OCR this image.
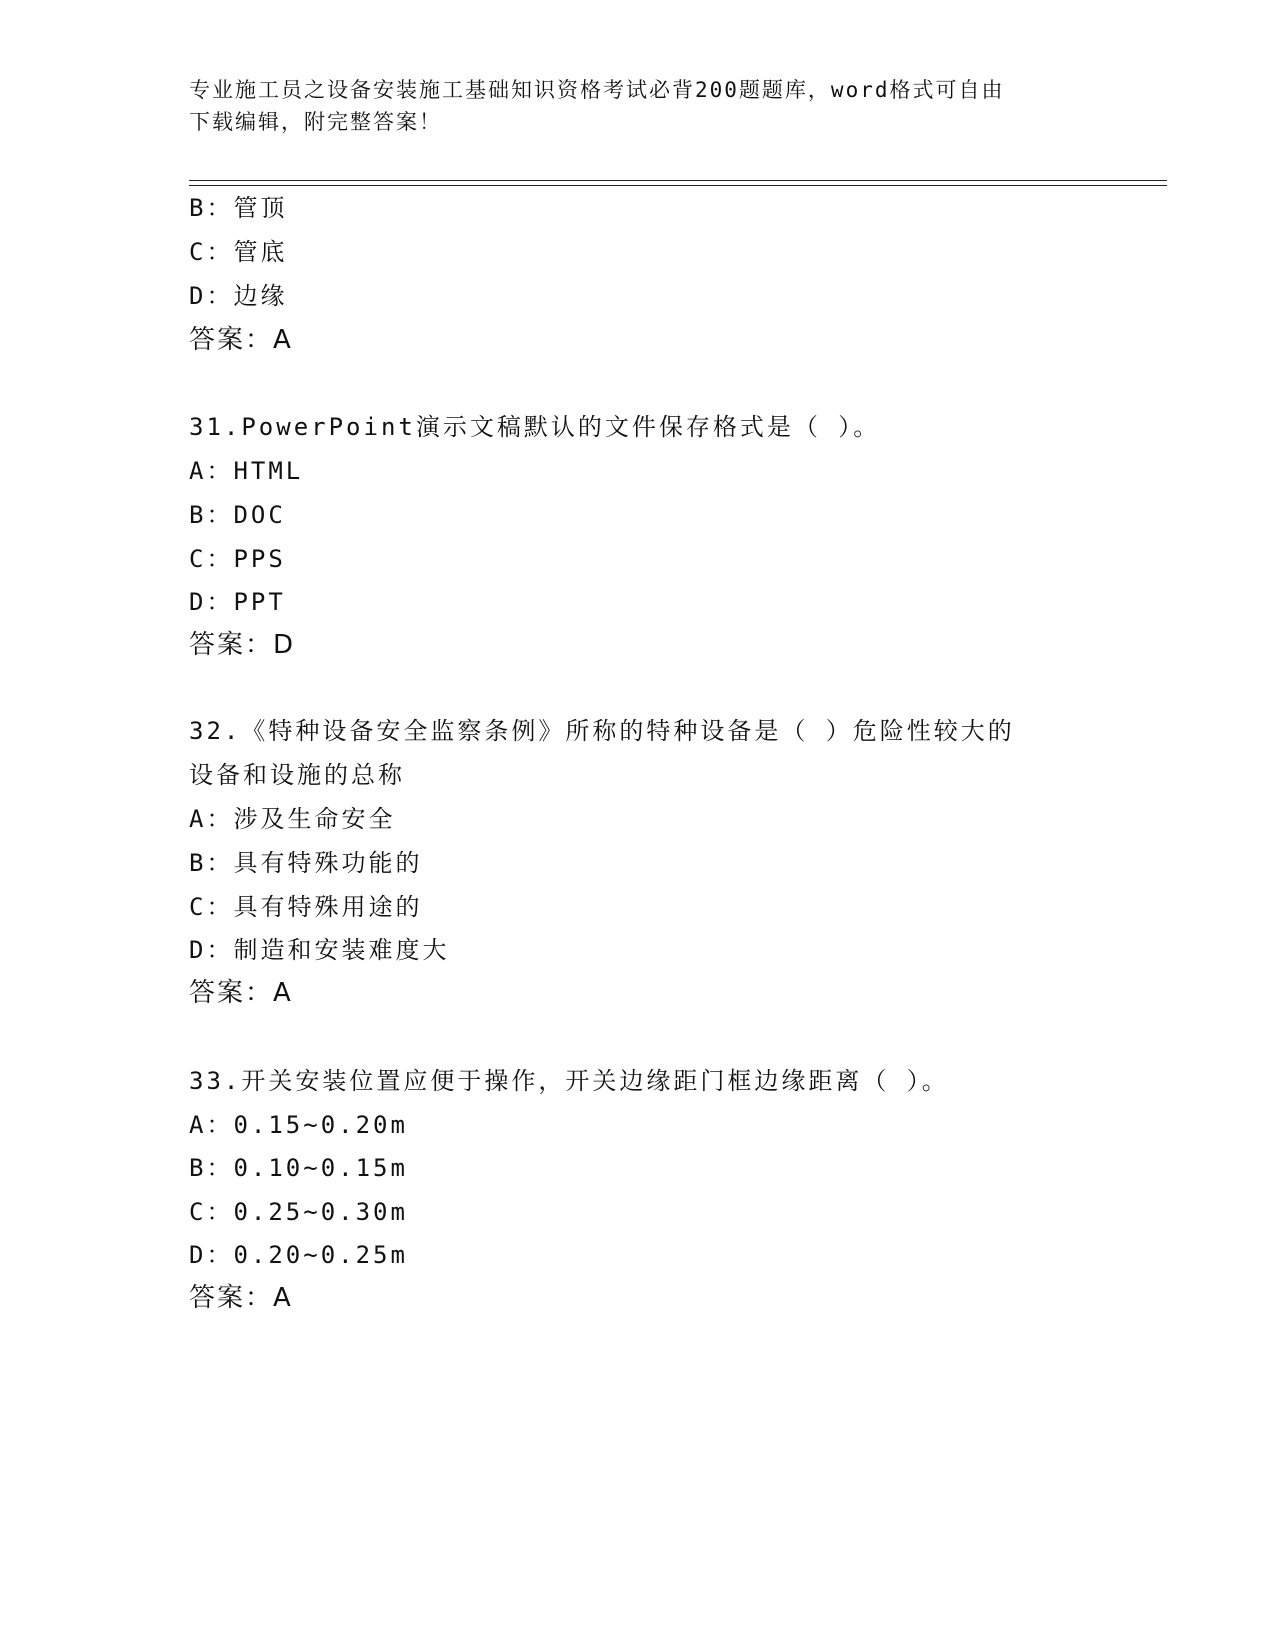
专业施工员之设备安装施工基础知识资格考试必背200题题库，word格式可自由
下载编辑，附完整答案！
B：管顶
C：管底
D：边缘
答案：A
31.PowerPoint演示文稿默认的文件保存格式是（ ）。
A：HTML
B：DOC
C：PPS
D：PPT
答案：D
32.《特种设备安全监察条例》所称的特种设备是（ ）危险性较大的
设备和设施的总称
A：涉及生命安全
B：具有特殊功能的
C：具有特殊用途的
D：制造和安装难度大
答案：A
33.开关安装位置应便于操作，开关边缘距门框边缘距离（ ）。
A：0.15~0.20m
B：0.10~0.15m
C：0.25~0.30m
D：0.20~0.25m
答案：A
